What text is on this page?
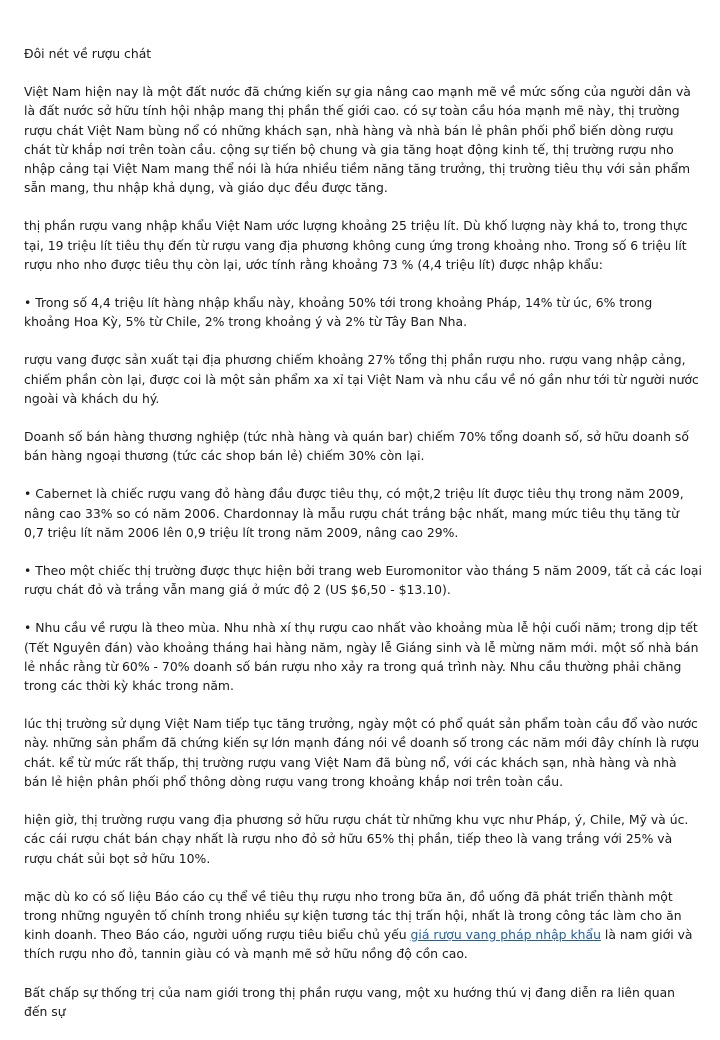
Đôi nét về rượu chát

Việt Nam hiện nay là một đất nước đã chứng kiến sự gia nâng cao mạnh mẽ về mức sống của người dân và là đất nước sở hữu tính hội nhập mang thị phần thế giới cao. có sự toàn cầu hóa mạnh mẽ này, thị trường rượu chát Việt Nam bùng nổ có những khách sạn, nhà hàng và nhà bán lẻ phân phối phổ biến dòng rượu chát từ khắp nơi trên toàn cầu. cộng sự tiến bộ chung và gia tăng hoạt động kinh tế, thị trường rượu nho nhập cảng tại Việt Nam mang thể nói là hứa nhiều tiềm năng tăng trưởng, thị trường tiêu thụ với sản phẩm sẵn mang, thu nhập khả dụng, và giáo dục đều được tăng.

thị phần rượu vang nhập khẩu Việt Nam ước lượng khoảng 25 triệu lít. Dù khố lượng này khá to, trong thực tại, 19 triệu lít tiêu thụ đến từ rượu vang địa phương không cung ứng trong khoảng nho. Trong số 6 triệu lít rượu nho nho được tiêu thụ còn lại, ước tính rằng khoảng 73 % (4,4 triệu lít) được nhập khẩu:

• Trong số 4,4 triệu lít hàng nhập khẩu này, khoảng 50% tới trong khoảng Pháp, 14% từ úc, 6% trong khoảng Hoa Kỳ, 5% từ Chile, 2% trong khoảng ý và 2% từ Tây Ban Nha.

rượu vang được sản xuất tại địa phương chiếm khoảng 27% tổng thị phần rượu nho. rượu vang nhập cảng, chiếm phần còn lại, được coi là một sản phẩm xa xỉ tại Việt Nam và nhu cầu về nó gần như tới từ người nước ngoài và khách du hý.

Doanh số bán hàng thương nghiệp (tức nhà hàng và quán bar) chiếm 70% tổng doanh số, sở hữu doanh số bán hàng ngoại thương (tức các shop bán lẻ) chiếm 30% còn lại.

• Cabernet là chiếc rượu vang đỏ hàng đầu được tiêu thụ, có một,2 triệu lít được tiêu thụ trong năm 2009, nâng cao 33% so có năm 2006. Chardonnay là mẫu rượu chát trắng bậc nhất, mang mức tiêu thụ tăng từ 0,7 triệu lít năm 2006 lên 0,9 triệu lít trong năm 2009, nâng cao 29%.

• Theo một chiếc thị trường được thực hiện bởi trang web Euromonitor vào tháng 5 năm 2009, tất cả các loại rượu chát đỏ và trắng vẫn mang giá ở mức độ 2 (US $6,50 - $13.10).

• Nhu cầu về rượu là theo mùa. Nhu nhà xí thụ rượu cao nhất vào khoảng mùa lễ hội cuối năm; trong dịp tết (Tết Nguyên đán) vào khoảng tháng hai hàng năm, ngày lễ Giáng sinh và lễ mừng năm mới. một số nhà bán lẻ nhắc rằng từ 60% - 70% doanh số bán rượu nho xảy ra trong quá trình này. Nhu cầu thường phải chăng trong các thời kỳ khác trong năm.

lúc thị trường sử dụng Việt Nam tiếp tục tăng trưởng, ngày một có phổ quát sản phẩm toàn cầu đổ vào nước này. những sản phẩm đã chứng kiến sự lớn mạnh đáng nói về doanh số trong các năm mới đây chính là rượu chát. kể từ mức rất thấp, thị trường rượu vang Việt Nam đã bùng nổ, với các khách sạn, nhà hàng và nhà bán lẻ hiện phân phối phổ thông dòng rượu vang trong khoảng khắp nơi trên toàn cầu.

hiện giờ, thị trường rượu vang địa phương sở hữu rượu chát từ những khu vực như Pháp, ý, Chile, Mỹ và úc. các cái rượu chát bán chạy nhất là rượu nho đỏ sở hữu 65% thị phần, tiếp theo là vang trắng với 25% và rượu chát sủi bọt sở hữu 10%.

mặc dù ko có số liệu Báo cáo cụ thể về tiêu thụ rượu nho trong bữa ăn, đồ uống đã phát triển thành một trong những nguyên tố chính trong nhiều sự kiện tương tác thị trấn hội, nhất là trong công tác làm cho ăn kinh doanh. Theo Báo cáo, người uống rượu tiêu biểu chủ yếu giá rượu vang pháp nhập khẩu là nam giới và thích rượu nho đỏ, tannin giàu có và mạnh mẽ sở hữu nồng độ cồn cao.

Bất chấp sự thống trị của nam giới trong thị phần rượu vang, một xu hướng thú vị đang diễn ra liên quan đến sự
